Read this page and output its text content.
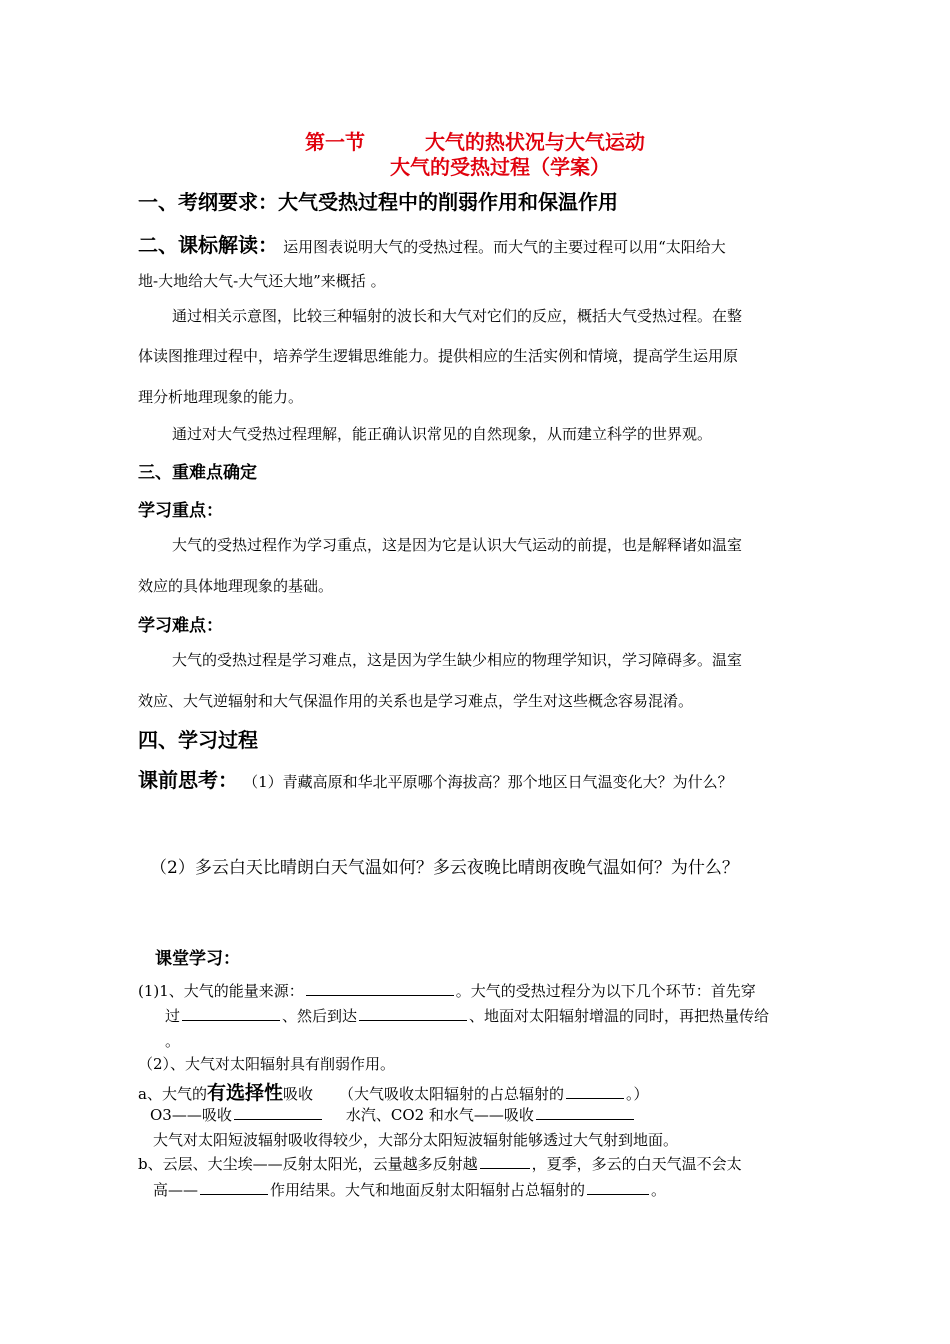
第一节	大气的热状况与大气运动
大气的受热过程（学案）
一、考纲要求：大气受热过程中的削弱作用和保温作用
二、课标解读： 运用图表说明大气的受热过程。而大气的主要过程可以用“太阳给大
地-大地给大气-大气还大地”来概括 。
通过相关示意图，比较三种辐射的波长和大气对它们的反应，概括大气受热过程。在整
体读图推理过程中，培养学生逻辑思维能力。提供相应的生活实例和情境，提高学生运用原
理分析地理现象的能力。
通过对大气受热过程理解，能正确认识常见的自然现象，从而建立科学的世界观。
三、重难点确定
学习重点：
大气的受热过程作为学习重点，这是因为它是认识大气运动的前提，也是解释诸如温室
效应的具体地理现象的基础。
学习难点：
大气的受热过程是学习难点，这是因为学生缺少相应的物理学知识，学习障碍多。温室
效应、大气逆辐射和大气保温作用的关系也是学习难点，学生对这些概念容易混淆。
四、学习过程
课前思考： （1）青藏高原和华北平原哪个海拔高？那个地区日气温变化大？为什么？
（2）多云白天比晴朗白天气温如何？多云夜晚比晴朗夜晚气温如何？为什么？
课堂学习：
(1)1、大气的能量来源：	。大气的受热过程分为以下几个环节：首先穿
过	、然后到达	、地面对太阳辐射增温的同时，再把热量传给
。
（2）、大气对太阳辐射具有削弱作用。
a、大气的有选择性吸收 （大气吸收太阳辐射的占总辐射的	。）
O3——吸收	水汽、CO2 和水气——吸收
大气对太阳短波辐射吸收得较少，大部分太阳短波辐射能够透过大气射到地面。
b、云层、大尘埃——反射太阳光，云量越多反射越	，夏季，多云的白天气温不会太
高——	作用结果。大气和地面反射太阳辐射占总辐射的	。
